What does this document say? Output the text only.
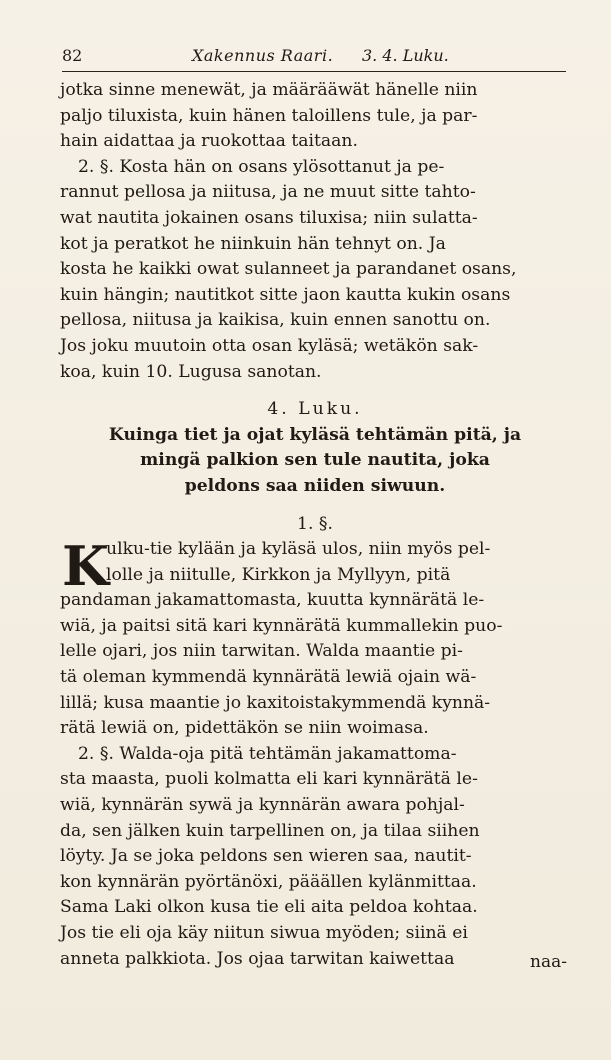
82	Xakennus Raari. 3. 4. Luku.
jotka sinne menewät, ja määrääwät hänelle niin
paljo tiluxista, kuin hänen taloillens tule, ja par-
hain aidattaa ja ruokottaa taitaan.
2. §. Kosta hän on osans ylösottanut ja pe-
rannut pellosa ja niitusa, ja ne muut sitte tahto-
wat nautita jokainen osans tiluxisa; niin sulatta-
kot ja peratkot he niinkuin hän tehnyt on. Ja
kosta he kaikki owat sulanneet ja parandanet osans,
kuin hängin; nautitkot sitte jaon kautta kukin osans
pellosa, niitusa ja kaikisa, kuin ennen sanottu on.
Jos joku muutoin otta osan kyläsä; wetäkön sak-
koa, kuin 10. Lugusa sanotan.
4. Luku.
Kuinga tiet ja ojat kyläsä tehtämän pitä, ja
mingä palkion sen tule nautita, joka
peldons saa niiden siwuun.
1. §.
K
ulku-tie kylään ja kyläsä ulos, niin myös pel-
lolle ja niitulle, Kirkkon ja Myllyyn, pitä
pandaman jakamattomasta, kuutta kynnärätä le-
wiä, ja paitsi sitä kari kynnärätä kummallekin puo-
lelle ojari, jos niin tarwitan. Walda maantie pi-
tä oleman kymmendä kynnärätä lewiä ojain wä-
lillä; kusa maantie jo kaxitoistakymmendä kynnä-
rätä lewiä on, pidettäkön se niin woimasa.
2. §. Walda-oja pitä tehtämän jakamattoma-
sta maasta, puoli kolmatta eli kari kynnärätä le-
wiä, kynnärän sywä ja kynnärän awara pohjal-
da, sen jälken kuin tarpellinen on, ja tilaa siihen
löyty. Ja se joka peldons sen wieren saa, nautit-
kon kynnärän pyörtänöxi, pääällen kylänmittaa.
Sama Laki olkon kusa tie eli aita peldoa kohtaa.
Jos tie eli oja käy niitun siwua myöden; siinä ei
anneta palkkiota. Jos ojaa tarwitan kaiwettaa	naa-
